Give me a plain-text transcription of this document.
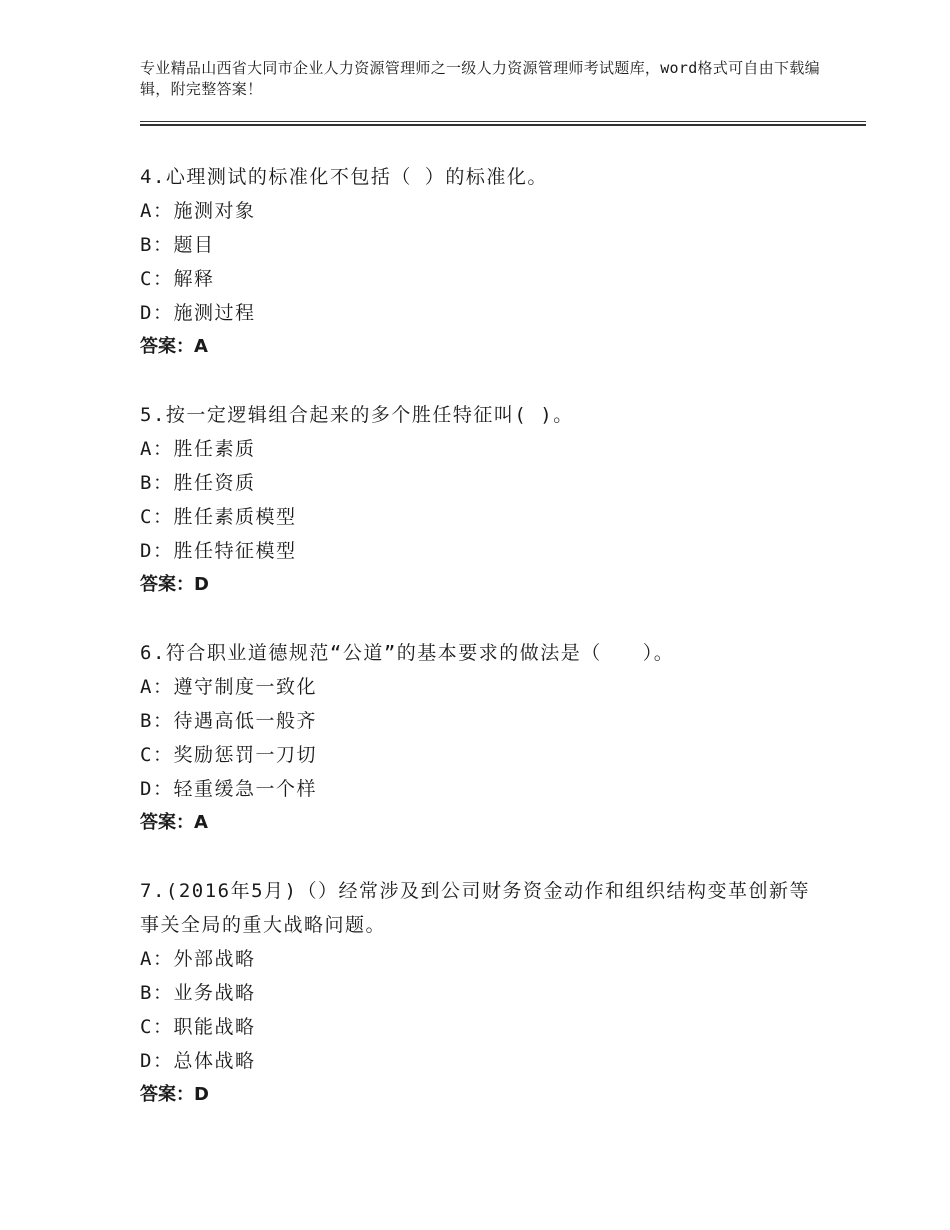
专业精品山西省大同市企业人力资源管理师之一级人力资源管理师考试题库，word格式可自由下载编辑，附完整答案！
4.心理测试的标准化不包括（ ）的标准化。
A：施测对象
B：题目
C：解释
D：施测过程
答案：A
5.按一定逻辑组合起来的多个胜任特征叫( )。
A：胜任素质
B：胜任资质
C：胜任素质模型
D：胜任特征模型
答案：D
6.符合职业道德规范“公道”的基本要求的做法是（　　）。
A：遵守制度一致化
B：待遇高低一般齐
C：奖励惩罚一刀切
D：轻重缓急一个样
答案：A
7.(2016年5月)（）经常涉及到公司财务资金动作和组织结构变革创新等事关全局的重大战略问题。
A：外部战略
B：业务战略
C：职能战略
D：总体战略
答案：D
